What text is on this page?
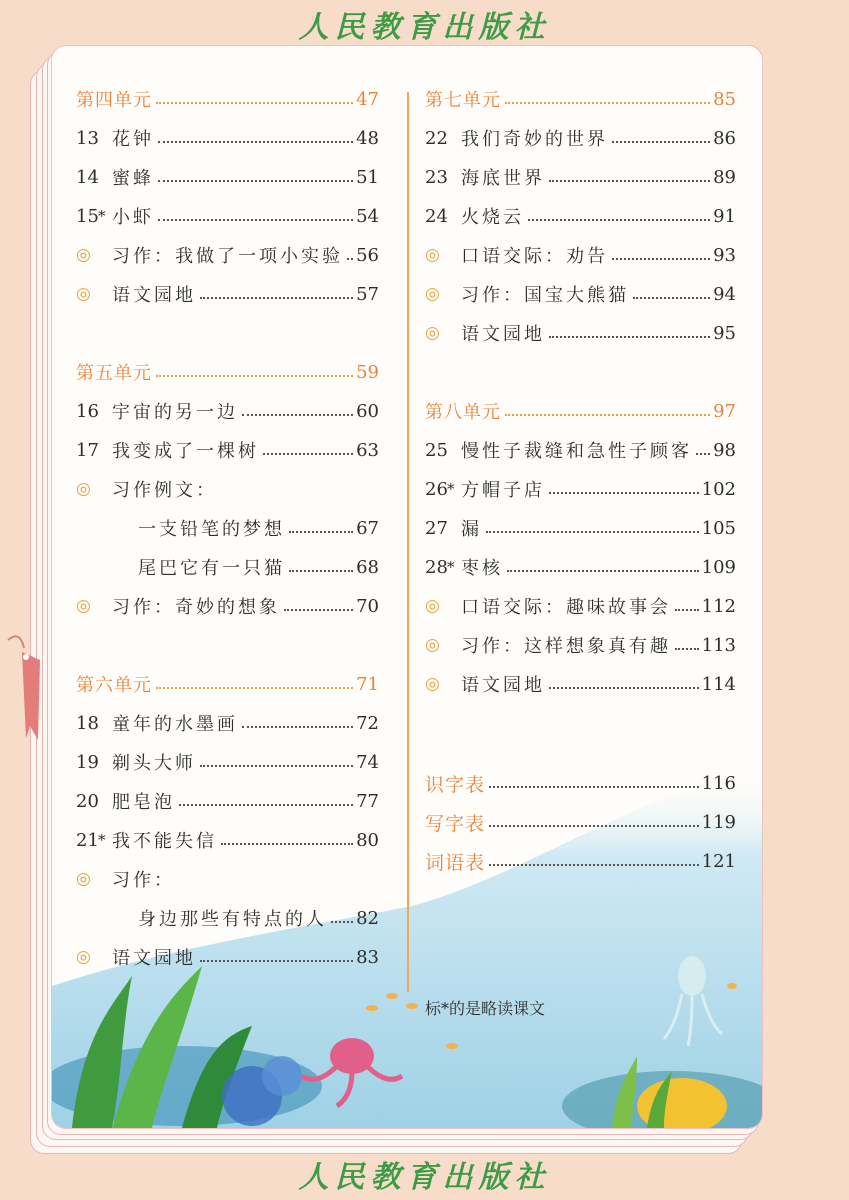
人民教育出版社
第四单元	47
13 花钟	48
14 蜜蜂	51
15 * 小虾	54
◎	习作：我做了一项小实验 56
◎	语文园地	57
第五单元	59
16 宇宙的另一边	60
17 我变成了一棵树	63
◎	习作例文：
一支铅笔的梦想	67
尾巴它有一只猫	68
◎	习作：奇妙的想象	70
第六单元	71
18 童年的水墨画	72
19 剃头大师	74
20 肥皂泡	77
21 * 我不能失信	80
◎	习作：
身边那些有特点的人 82
◎	语文园地	83
标*的是略读课文
第七单元	85
22 我们奇妙的世界	86
23 海底世界	89
24 火烧云	91
◎	口语交际：劝告	93
◎	习作：国宝大熊猫	94
◎	语文园地	95
第八单元	97
25 慢性子裁缝和急性子顾客 98
26 * 方帽子店	102
27 漏	105
28 * 枣核	109
◎	口语交际：趣味故事会 112
◎	习作：这样想象真有趣 113
◎	语文园地	114
识字表	116
写字表	119
词语表	121
人民教育出版社
